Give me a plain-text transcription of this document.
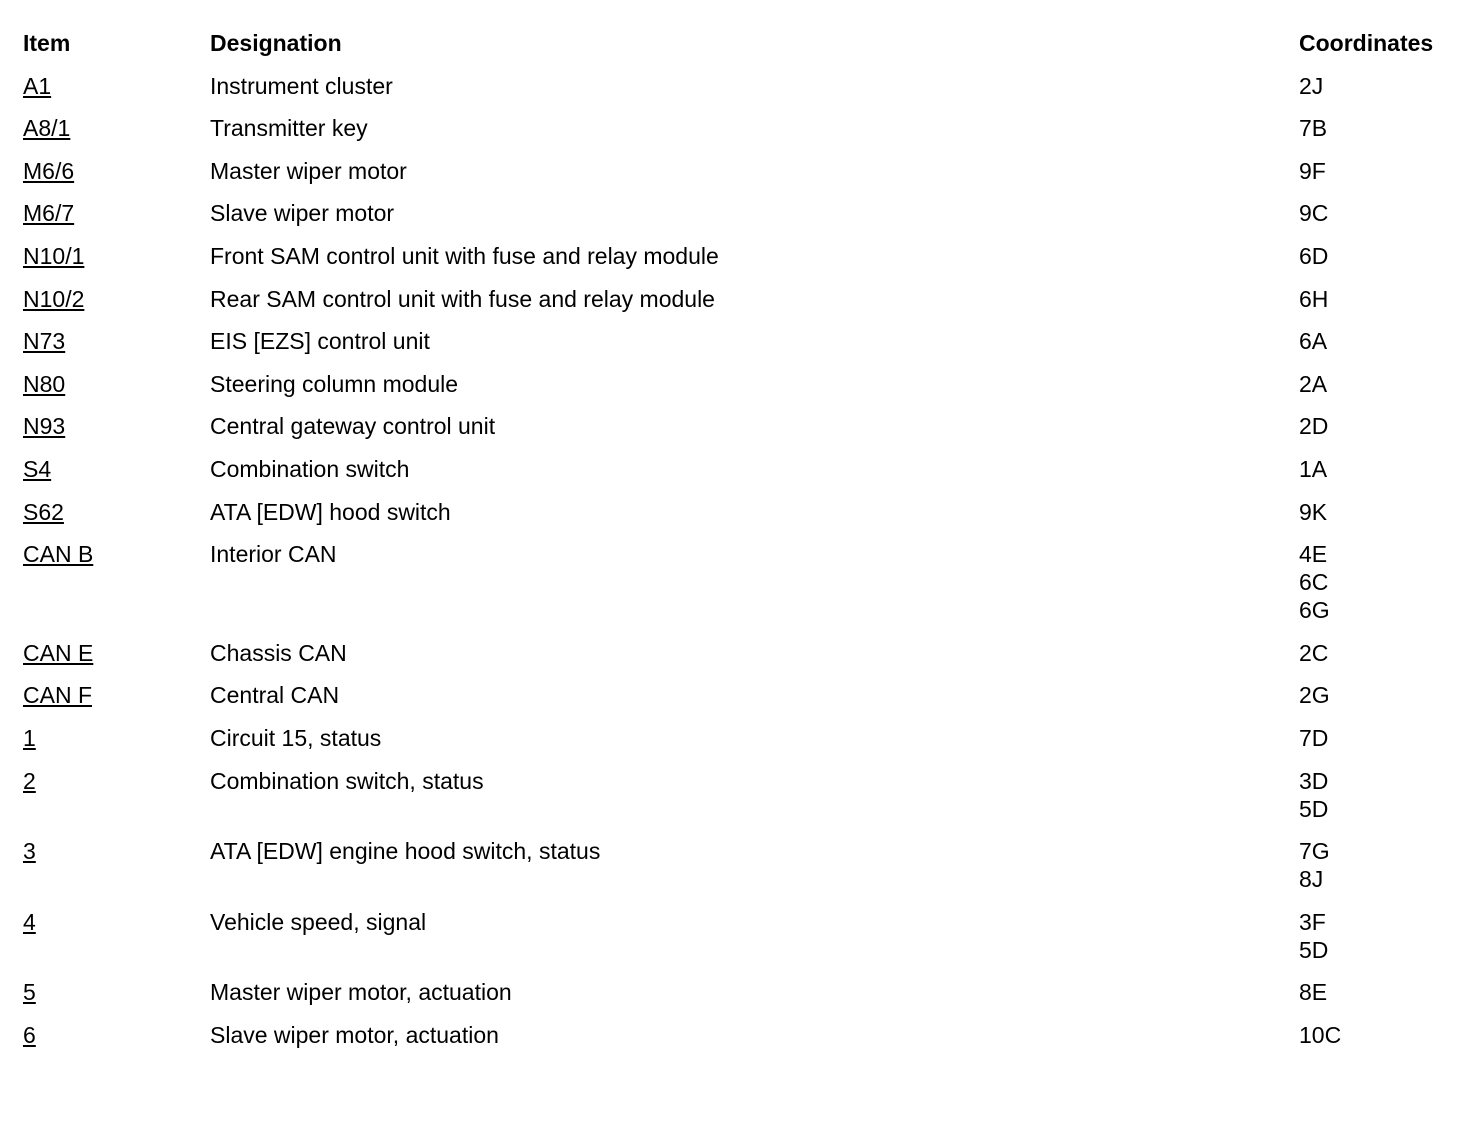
Item	Designation	Coordinates
A1	Instrument cluster	2J
A8/1	Transmitter key	7B
M6/6	Master wiper motor	9F
M6/7	Slave wiper motor	9C
N10/1	Front SAM control unit with fuse and relay module	6D
N10/2	Rear SAM control unit with fuse and relay module	6H
N73	EIS [EZS] control unit	6A
N80	Steering column module	2A
N93	Central gateway control unit	2D
S4	Combination switch	1A
S62	ATA [EDW] hood switch	9K
CAN B	Interior CAN	4E
6C
6G
CAN E	Chassis CAN	2C
CAN F	Central CAN	2G
1	Circuit 15, status	7D
2	Combination switch, status	3D
5D
3	ATA [EDW] engine hood switch, status	7G
8J
4	Vehicle speed, signal	3F
5D
5	Master wiper motor, actuation	8E
6	Slave wiper motor, actuation	10C
